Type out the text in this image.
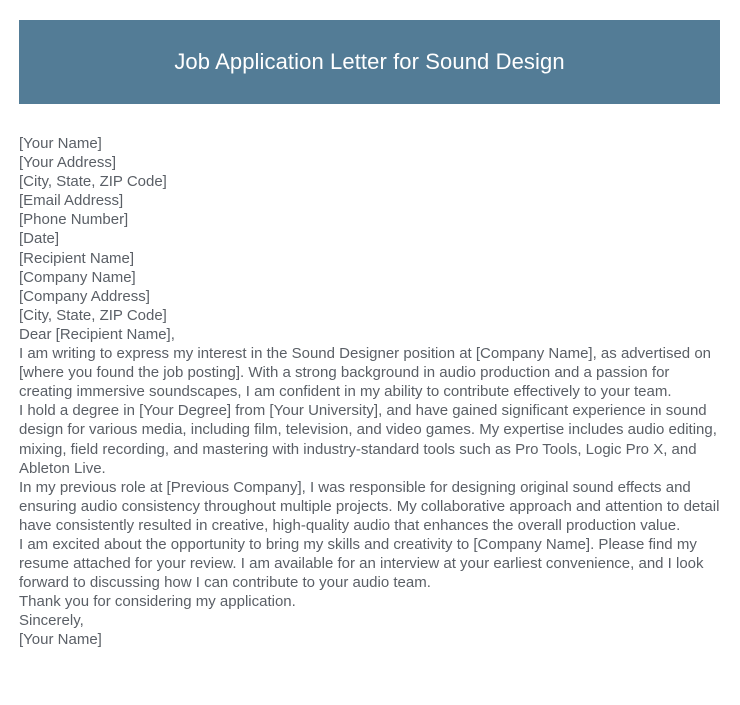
Job Application Letter for Sound Design
[Your Name]
[Your Address]
[City, State, ZIP Code]
[Email Address]
[Phone Number]
[Date]
[Recipient Name]
[Company Name]
[Company Address]
[City, State, ZIP Code]
Dear [Recipient Name],

I am writing to express my interest in the Sound Designer position at [Company Name], as advertised on [where you found the job posting]. With a strong background in audio production and a passion for creating immersive soundscapes, I am confident in my ability to contribute effectively to your team.

I hold a degree in [Your Degree] from [Your University], and have gained significant experience in sound design for various media, including film, television, and video games. My expertise includes audio editing, mixing, field recording, and mastering with industry-standard tools such as Pro Tools, Logic Pro X, and Ableton Live.

In my previous role at [Previous Company], I was responsible for designing original sound effects and ensuring audio consistency throughout multiple projects. My collaborative approach and attention to detail have consistently resulted in creative, high-quality audio that enhances the overall production value.

I am excited about the opportunity to bring my skills and creativity to [Company Name]. Please find my resume attached for your review. I am available for an interview at your earliest convenience, and I look forward to discussing how I can contribute to your audio team.

Thank you for considering my application.
Sincerely,
[Your Name]
